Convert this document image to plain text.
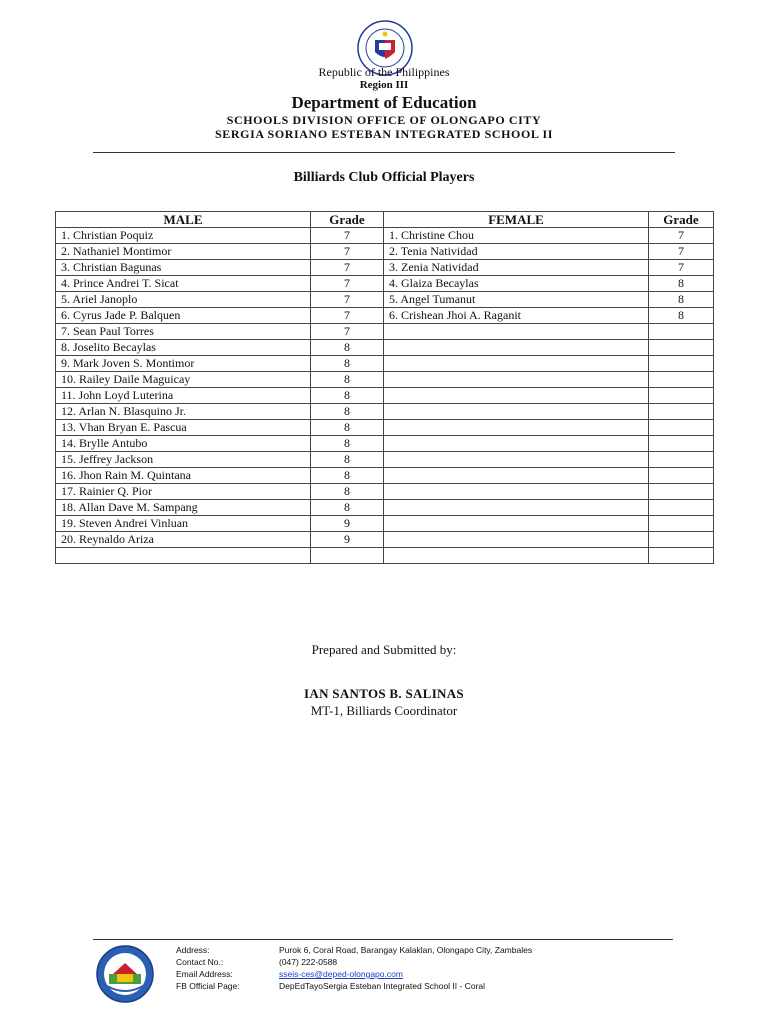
Republic of the Philippines
Region III
Department of Education
SCHOOLS DIVISION OFFICE OF OLONGAPO CITY
SERGIA SORIANO ESTEBAN INTEGRATED SCHOOL II
Billiards Club Official Players
MALE	Grade	FEMALE	Grade
1. Christian Poquiz	7	1. Christine Chou	7
2. Nathaniel Montimor	7	2. Tenia Natividad	7
3. Christian Bagunas	7	3. Zenia Natividad	7
4. Prince Andrei T. Sicat	7	4. Glaiza Becaylas	8
5. Ariel Janoplo	7	5. Angel Tumanut	8
6. Cyrus Jade P. Balquen	7	6. Crishean Jhoi A. Raganit	8
7. Sean Paul Torres	7		
8. Joselito Becaylas	8		
9. Mark Joven S. Montimor	8		
10. Railey Daile Maguicay	8		
11. John Loyd Luterina	8		
12. Arlan N. Blasquino Jr.	8		
13. Vhan Bryan E. Pascua	8		
14. Brylle Antubo	8		
15. Jeffrey Jackson	8		
16. Jhon Rain M. Quintana	8		
17. Rainier Q. Pior	8		
18. Allan Dave M. Sampang	8		
19. Steven Andrei Vinluan	9		
20. Reynaldo Ariza	9		

Prepared and Submitted by:
IAN SANTOS B. SALINAS
MT-1, Billiards Coordinator
Address:	Purok 6, Coral Road, Barangay Kalaklan, Olongapo City, Zambales
Contact No.:	(047) 222-0588
Email Address:	sseis-ces@deped-olongapo.com
FB Official Page:	DepEdTayoSergia Esteban Integrated School II - Coral
